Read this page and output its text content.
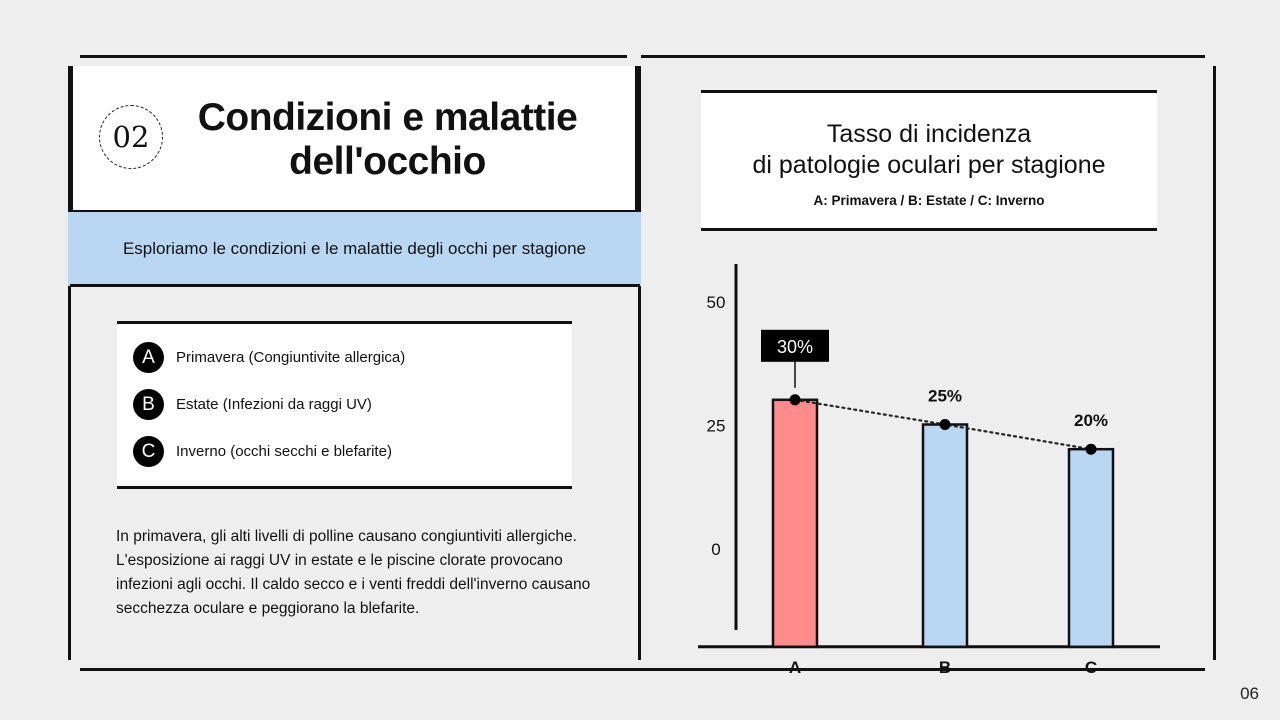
02	Condizioni e malattie dell'occhio
Esploriamo le condizioni e le malattie degli occhi per stagione
A	Primavera (Congiuntivite allergica)
B	Estate (Infezioni da raggi UV)
C	Inverno (occhi secchi e blefarite)
In primavera, gli alti livelli di polline causano congiuntiviti allergiche. L'esposizione ai raggi UV in estate e le piscine clorate provocano infezioni agli occhi. Il caldo secco e i venti freddi dell'inverno causano secchezza oculare e peggiorano la blefarite.
Tasso di incidenza
di patologie oculari per stagione
A: Primavera / B: Estate / C: Inverno
0
25
50
A	B	C
30%
25%
20%
06
